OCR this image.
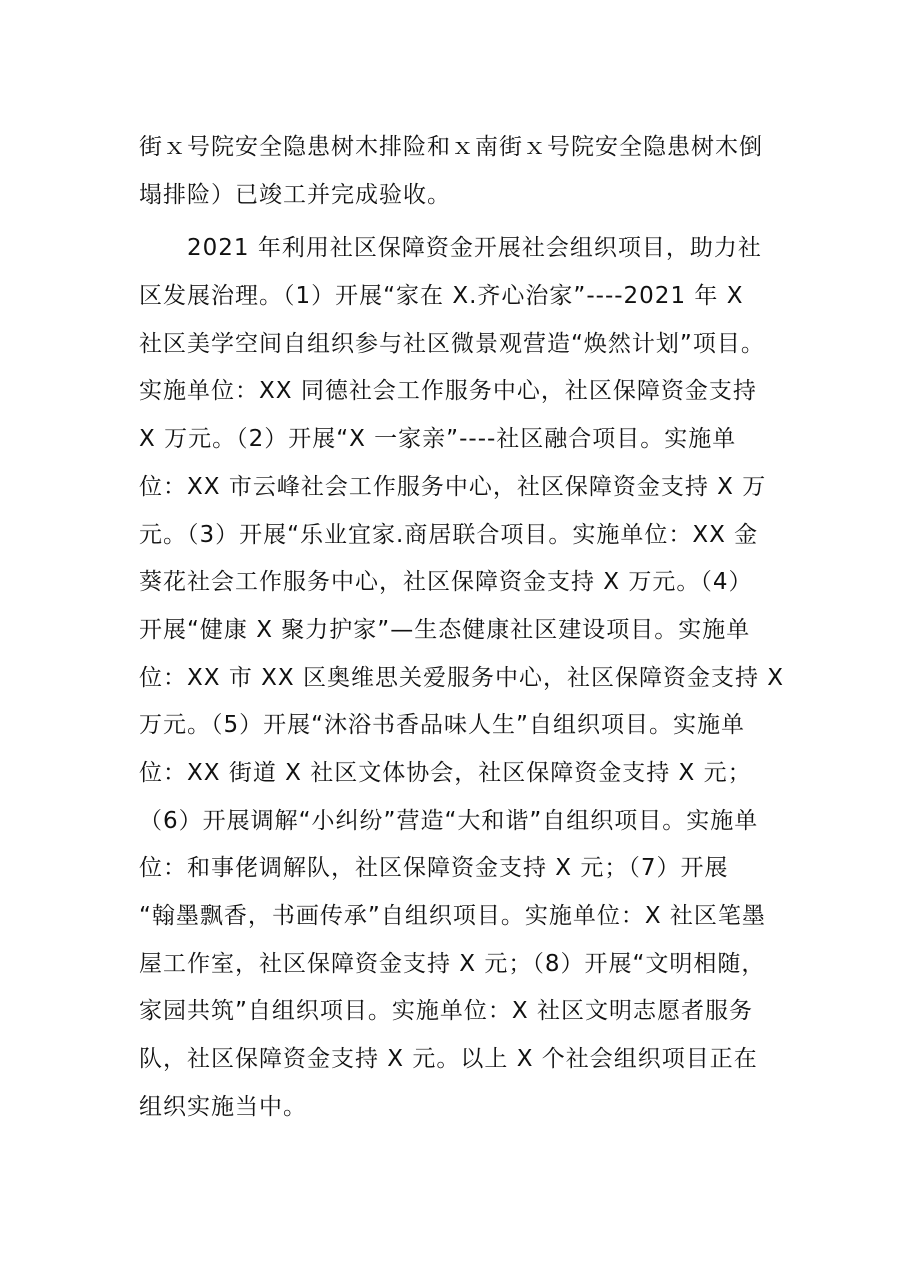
街ｘ号院安全隐患树木排险和ｘ南街ｘ号院安全隐患树木倒
塌排险）已竣工并完成验收。
　　2021 年利用社区保障资金开展社会组织项目，助力社
区发展治理。（1）开展“家在 X.齐心治家”----2021 年 X
社区美学空间自组织参与社区微景观营造“焕然计划”项目。
实施单位：XX 同德社会工作服务中心，社区保障资金支持
X 万元。（2）开展“X 一家亲”----社区融合项目。实施单
位：XX 市云峰社会工作服务中心，社区保障资金支持 X 万
元。（3）开展“乐业宜家.商居联合项目。实施单位：XX 金
葵花社会工作服务中心，社区保障资金支持 X 万元。（4）
开展“健康 X 聚力护家”—生态健康社区建设项目。实施单
位：XX 市 XX 区奥维思关爱服务中心，社区保障资金支持 X
万元。（5）开展“沐浴书香品味人生”自组织项目。实施单
位：XX 街道 X 社区文体协会，社区保障资金支持 X 元；
（6）开展调解“小纠纷”营造“大和谐”自组织项目。实施单
位：和事佬调解队，社区保障资金支持 X 元；（7）开展
“翰墨飘香，书画传承”自组织项目。实施单位：X 社区笔墨
屋工作室，社区保障资金支持 X 元；（8）开展“文明相随，
家园共筑”自组织项目。实施单位：X 社区文明志愿者服务
队，社区保障资金支持 X 元。以上 X 个社会组织项目正在
组织实施当中。
